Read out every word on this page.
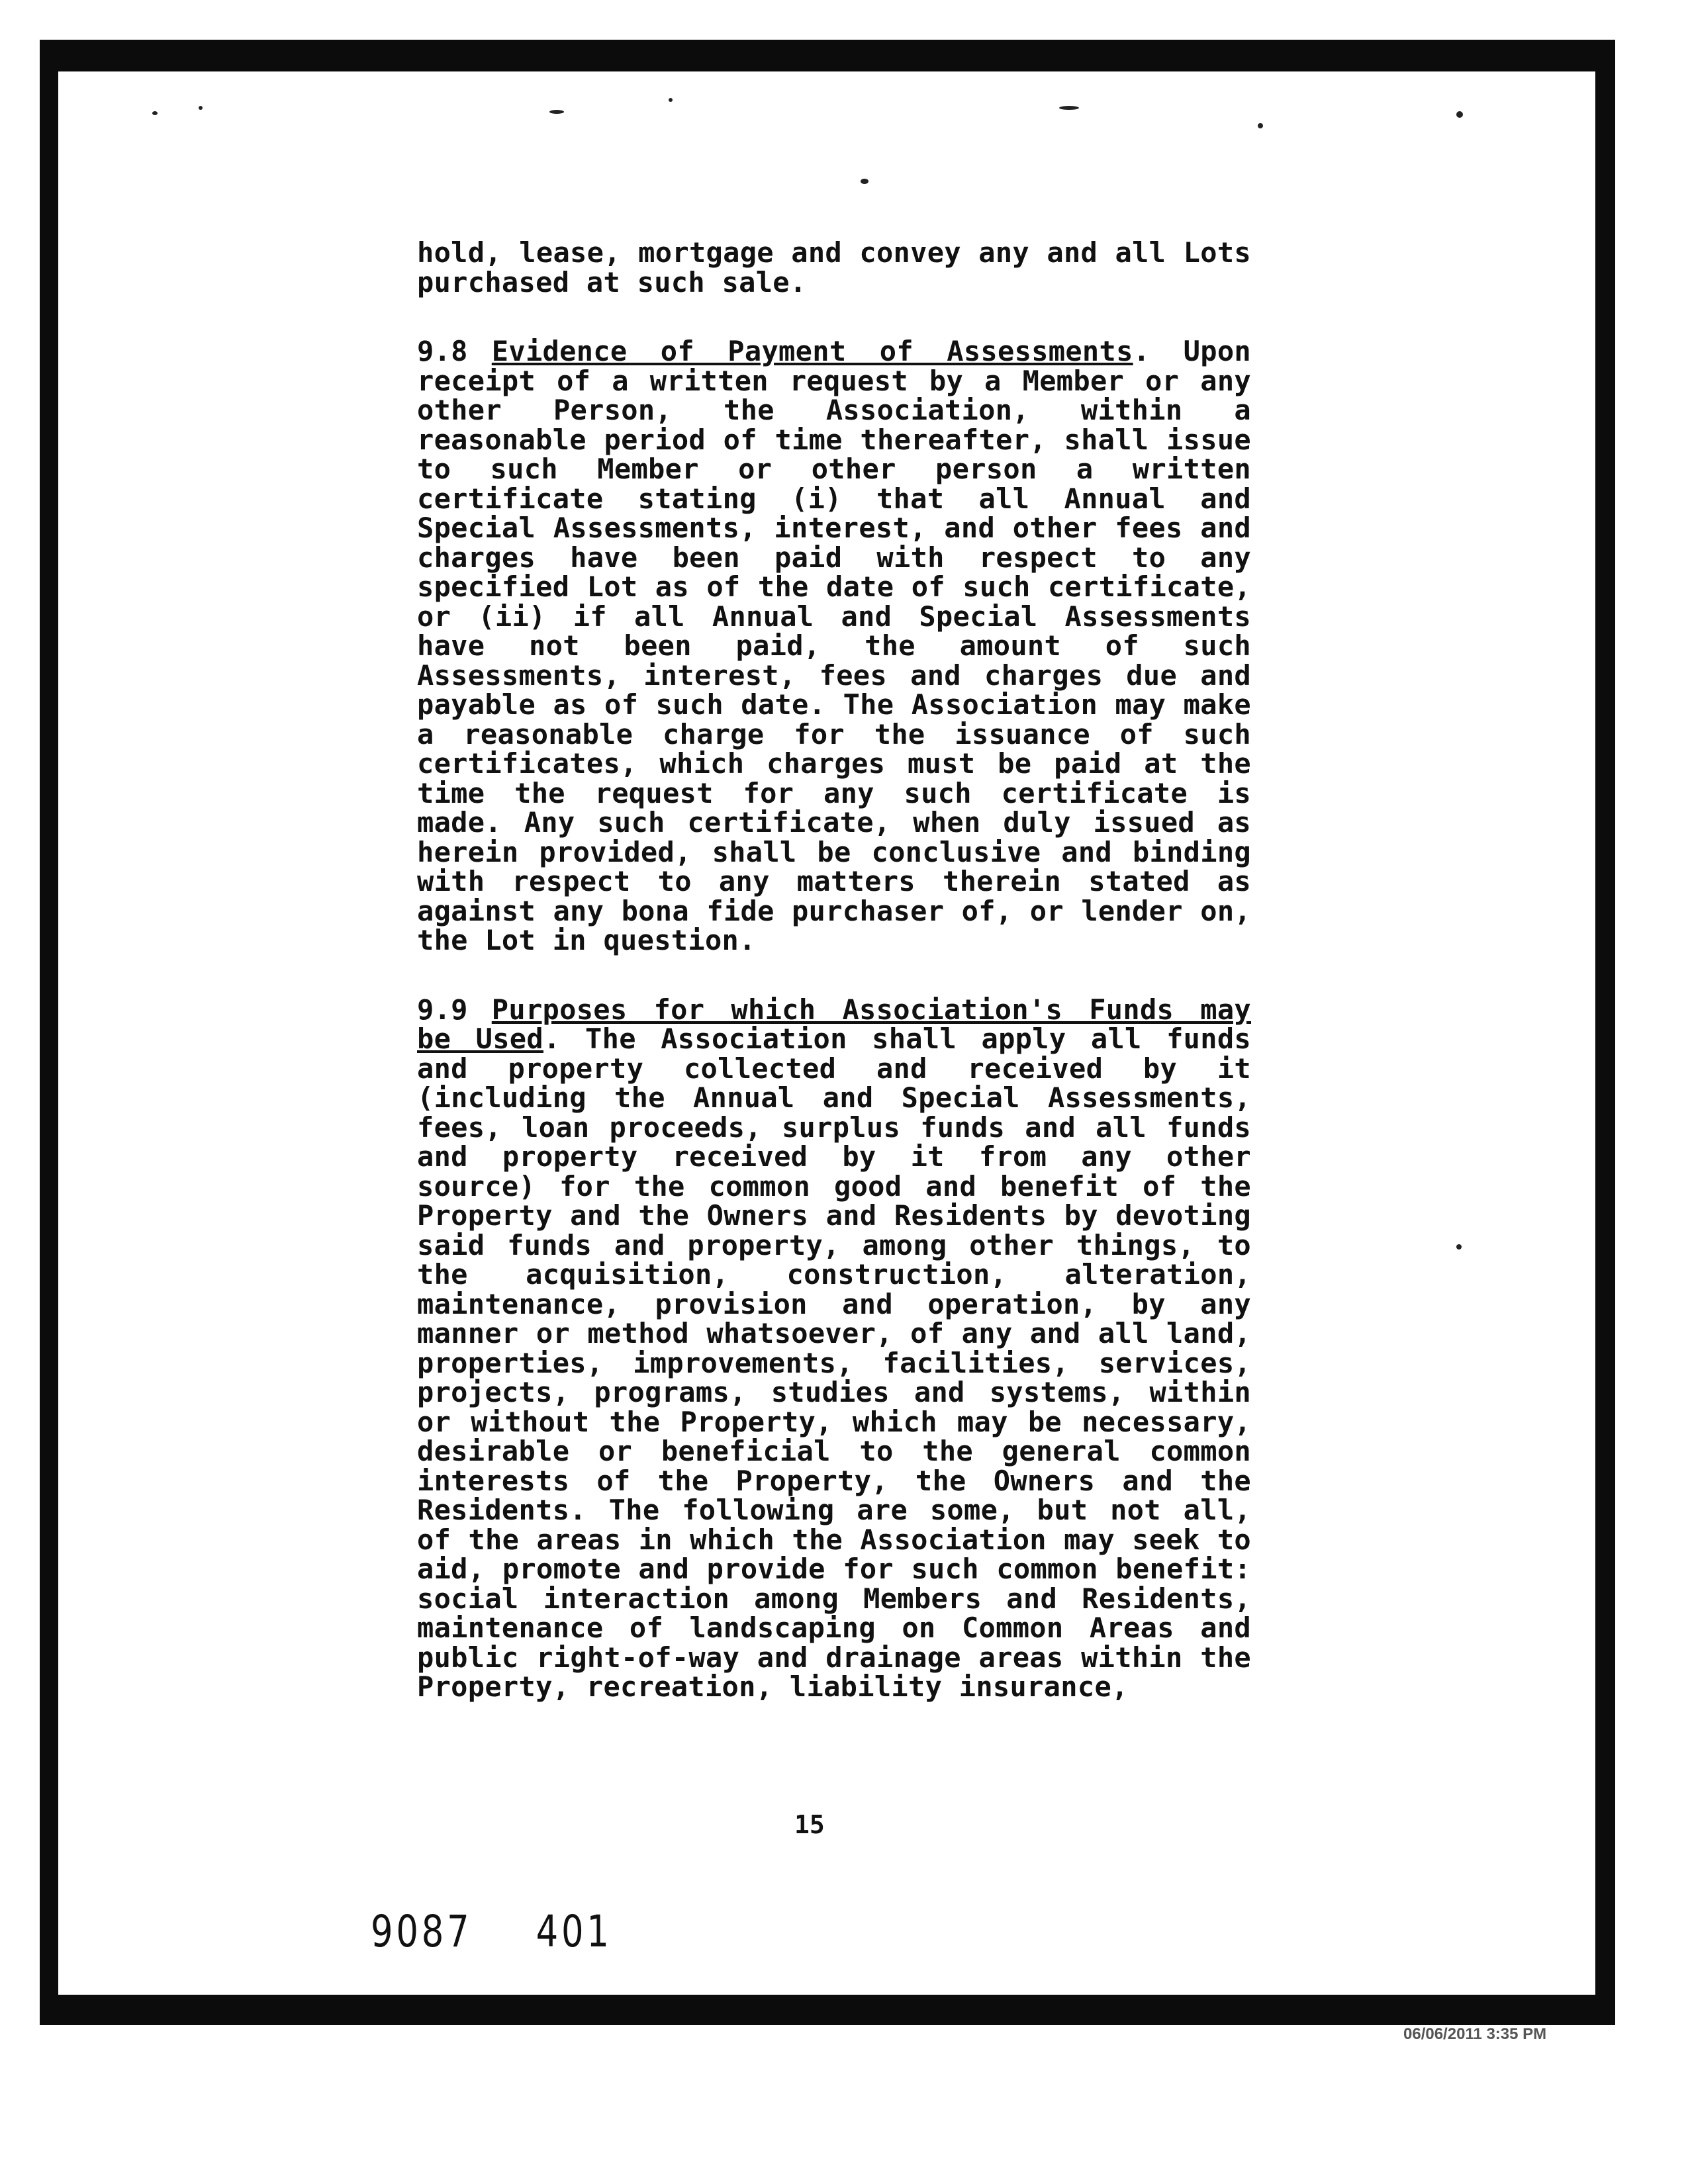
hold, lease, mortgage and convey any and all Lots purchased at such sale.

9.8 Evidence of Payment of Assessments. Upon receipt of a written request by a Member or any other Person, the Association, within a reasonable period of time thereafter, shall issue to such Member or other person a written certificate stating (i) that all Annual and Special Assessments, interest, and other fees and charges have been paid with respect to any specified Lot as of the date of such certificate, or (ii) if all Annual and Special Assessments have not been paid, the amount of such Assessments, interest, fees and charges due and payable as of such date. The Association may make a reasonable charge for the issuance of such certificates, which charges must be paid at the time the request for any such certificate is made. Any such certificate, when duly issued as herein provided, shall be conclusive and binding with respect to any matters therein stated as against any bona fide purchaser of, or lender on, the Lot in question.

9.9 Purposes for which Association's Funds may be Used. The Association shall apply all funds and property collected and received by it (including the Annual and Special Assessments, fees, loan proceeds, surplus funds and all funds and property received by it from any other source) for the common good and benefit of the Property and the Owners and Residents by devoting said funds and property, among other things, to the acquisition, construction, alteration, maintenance, provision and operation, by any manner or method whatsoever, of any and all land, properties, improvements, facilities, services, projects, programs, studies and systems, within or without the Property, which may be necessary, desirable or beneficial to the general common interests of the Property, the Owners and the Residents. The following are some, but not all, of the areas in which the Association may seek to aid, promote and provide for such common benefit: social interaction among Members and Residents, maintenance of landscaping on Common Areas and public right-of-way and drainage areas within the Property, recreation, liability insurance,

15
9087 401
06/06/2011 3:35 PM
